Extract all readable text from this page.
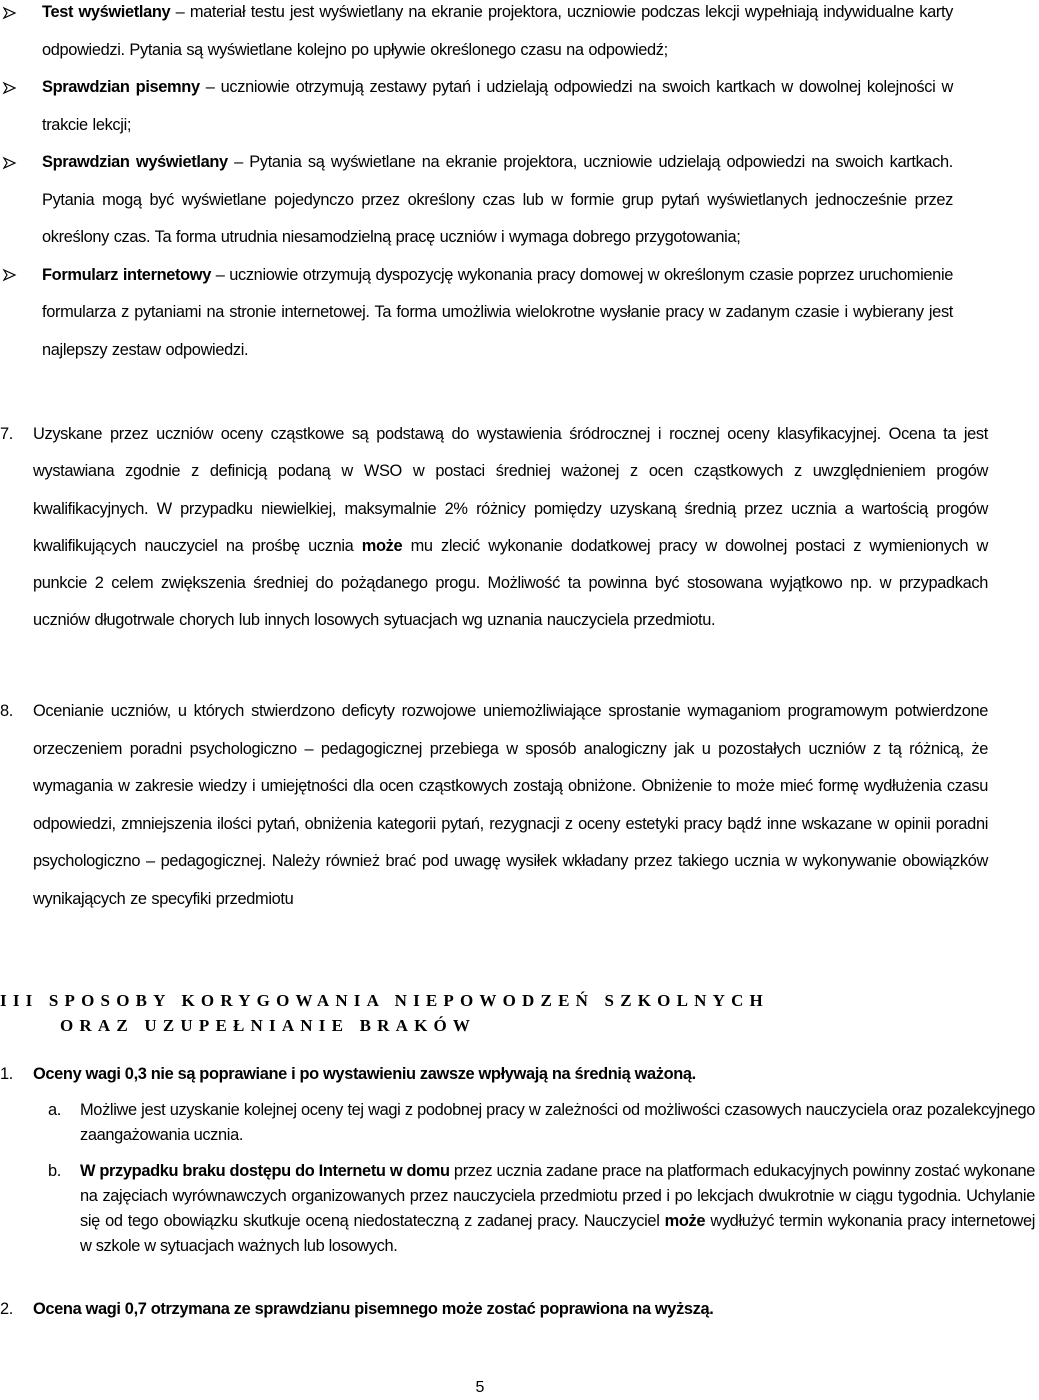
Test wyświetlany – materiał testu jest wyświetlany na ekranie projektora, uczniowie podczas lekcji wypełniają indywidualne karty odpowiedzi. Pytania są wyświetlane kolejno po upływie określonego czasu na odpowiedź;
Sprawdzian pisemny – uczniowie otrzymują zestawy pytań i udzielają odpowiedzi na swoich kartkach w dowolnej kolejności w trakcie lekcji;
Sprawdzian wyświetlany – Pytania są wyświetlane na ekranie projektora, uczniowie udzielają odpowiedzi na swoich kartkach. Pytania mogą być wyświetlane pojedynczo przez określony czas lub w formie grup pytań wyświetlanych jednocześnie przez określony czas. Ta forma utrudnia niesamodzielną pracę uczniów i wymaga dobrego przygotowania;
Formularz internetowy – uczniowie otrzymują dyspozycję wykonania pracy domowej w określonym czasie poprzez uruchomienie formularza z pytaniami na stronie internetowej. Ta forma umożliwia wielokrotne wysłanie pracy w zadanym czasie i wybierany jest najlepszy zestaw odpowiedzi.
7. Uzyskane przez uczniów oceny cząstkowe są podstawą do wystawienia śródrocznej i rocznej oceny klasyfikacyjnej. Ocena ta jest wystawiana zgodnie z definicją podaną w WSO w postaci średniej ważonej z ocen cząstkowych z uwzględnieniem progów kwalifikacyjnych. W przypadku niewielkiej, maksymalnie 2% różnicy pomiędzy uzyskaną średnią przez ucznia a wartością progów kwalifikujących nauczyciel na prośbę ucznia może mu zlecić wykonanie dodatkowej pracy w dowolnej postaci z wymienionych w punkcie 2 celem zwiększenia średniej do pożądanego progu. Możliwość ta powinna być stosowana wyjątkowo np. w przypadkach uczniów długotrwale chorych lub innych losowych sytuacjach wg uznania nauczyciela przedmiotu.
8. Ocenianie uczniów, u których stwierdzono deficyty rozwojowe uniemożliwiające sprostanie wymaganiom programowym potwierdzone orzeczeniem poradni psychologiczno – pedagogicznej przebiega w sposób analogiczny jak u pozostałych uczniów z tą różnicą, że wymagania w zakresie wiedzy i umiejętności dla ocen cząstkowych zostają obniżone. Obniżenie to może mieć formę wydłużenia czasu odpowiedzi, zmniejszenia ilości pytań, obniżenia kategorii pytań, rezygnacji z oceny estetyki pracy bądź inne wskazane w opinii poradni psychologiczno – pedagogicznej. Należy również brać pod uwagę wysiłek wkładany przez takiego ucznia w wykonywanie obowiązków wynikających ze specyfiki przedmiotu
III SPOSOBY KORYGOWANIA NIEPOWODZEŃ SZKOLNYCH
ORAZ UZUPEŁNIANIE BRAKÓW
1. Oceny wagi 0,3 nie są poprawiane i po wystawieniu zawsze wpływają na średnią ważoną.
a. Możliwe jest uzyskanie kolejnej oceny tej wagi z podobnej pracy w zależności od możliwości czasowych nauczyciela oraz pozalekcyjnego zaangażowania ucznia.
b. W przypadku braku dostępu do Internetu w domu przez ucznia zadane prace na platformach edukacyjnych powinny zostać wykonane na zajęciach wyrównawczych organizowanych przez nauczyciela przedmiotu przed i po lekcjach dwukrotnie w ciągu tygodnia. Uchylanie się od tego obowiązku skutkuje oceną niedostateczną z zadanej pracy. Nauczyciel może wydłużyć termin wykonania pracy internetowej w szkole w sytuacjach ważnych lub losowych.
2. Ocena wagi 0,7 otrzymana ze sprawdzianu pisemnego może zostać poprawiona na wyższą.
5
